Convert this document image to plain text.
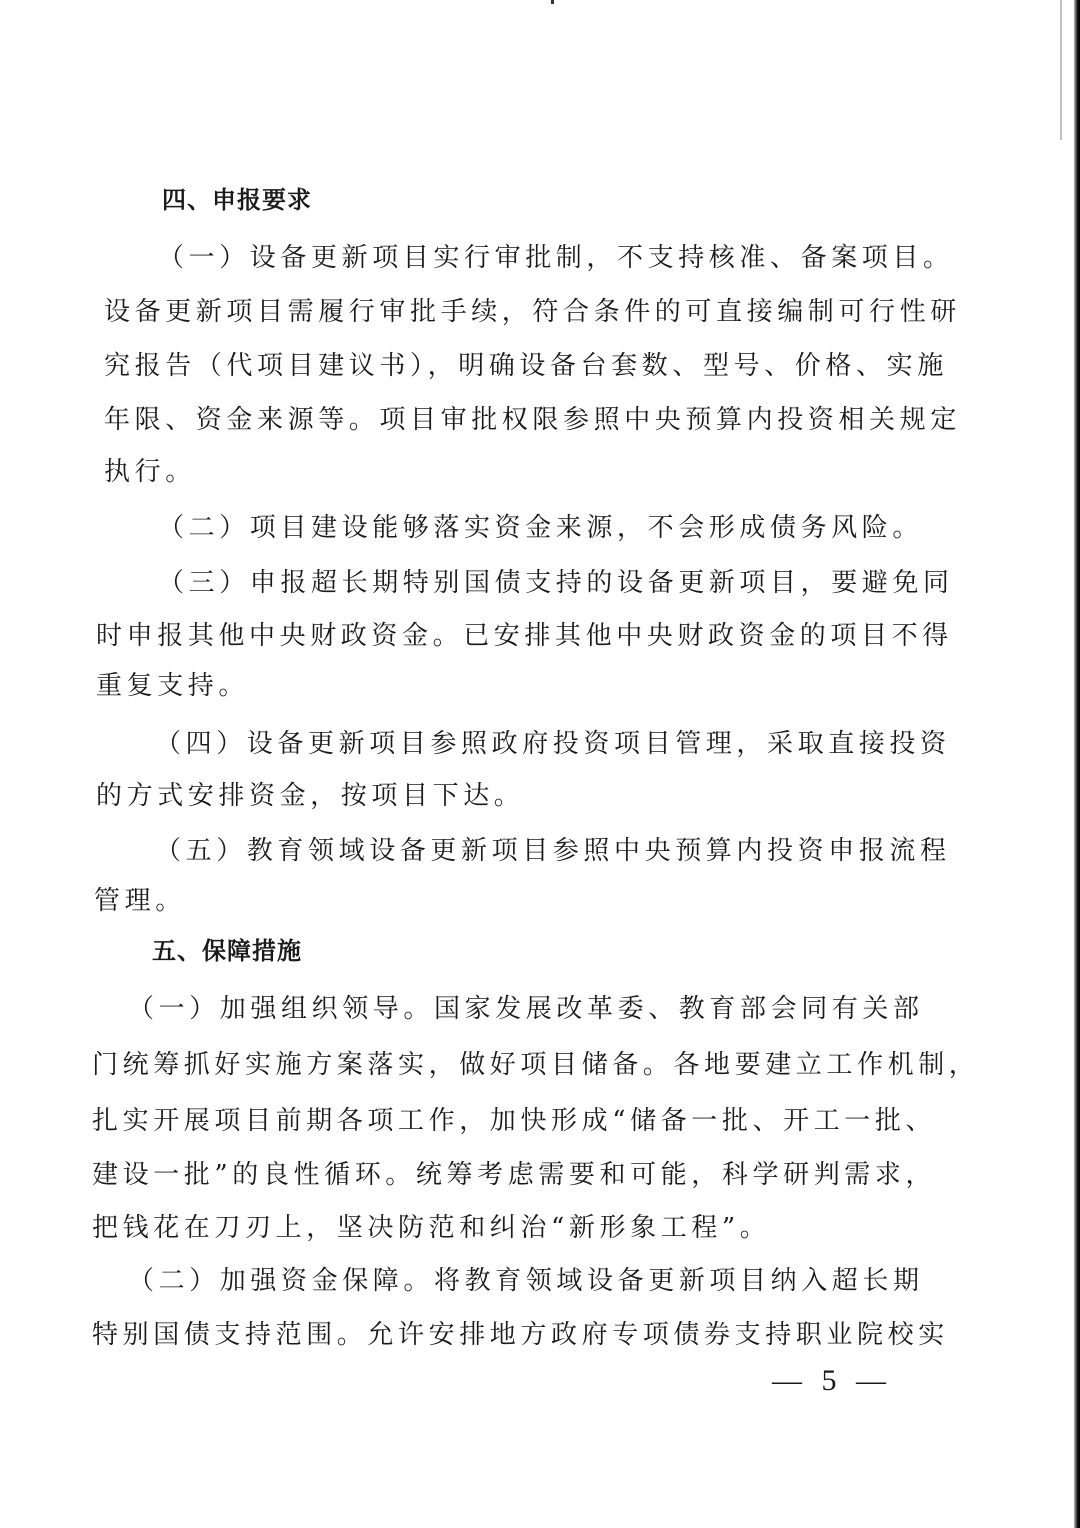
四、申报要求
（一）设备更新项目实行审批制，不支持核准、备案项目。
设备更新项目需履行审批手续，符合条件的可直接编制可行性研
究报告（代项目建议书），明确设备台套数、型号、价格、实施
年限、资金来源等。项目审批权限参照中央预算内投资相关规定
执行。
（二）项目建设能够落实资金来源，不会形成债务风险。
（三）申报超长期特别国债支持的设备更新项目，要避免同
时申报其他中央财政资金。已安排其他中央财政资金的项目不得
重复支持。
（四）设备更新项目参照政府投资项目管理，采取直接投资
的方式安排资金，按项目下达。
（五）教育领域设备更新项目参照中央预算内投资申报流程
管理。
五、保障措施
（一）加强组织领导。国家发展改革委、教育部会同有关部
门统筹抓好实施方案落实，做好项目储备。各地要建立工作机制，
扎实开展项目前期各项工作，加快形成“储备一批、开工一批、
建设一批”的良性循环。统筹考虑需要和可能，科学研判需求，
把钱花在刀刃上，坚决防范和纠治“新形象工程”。
（二）加强资金保障。将教育领域设备更新项目纳入超长期
特别国债支持范围。允许安排地方政府专项债券支持职业院校实
— 5 —
